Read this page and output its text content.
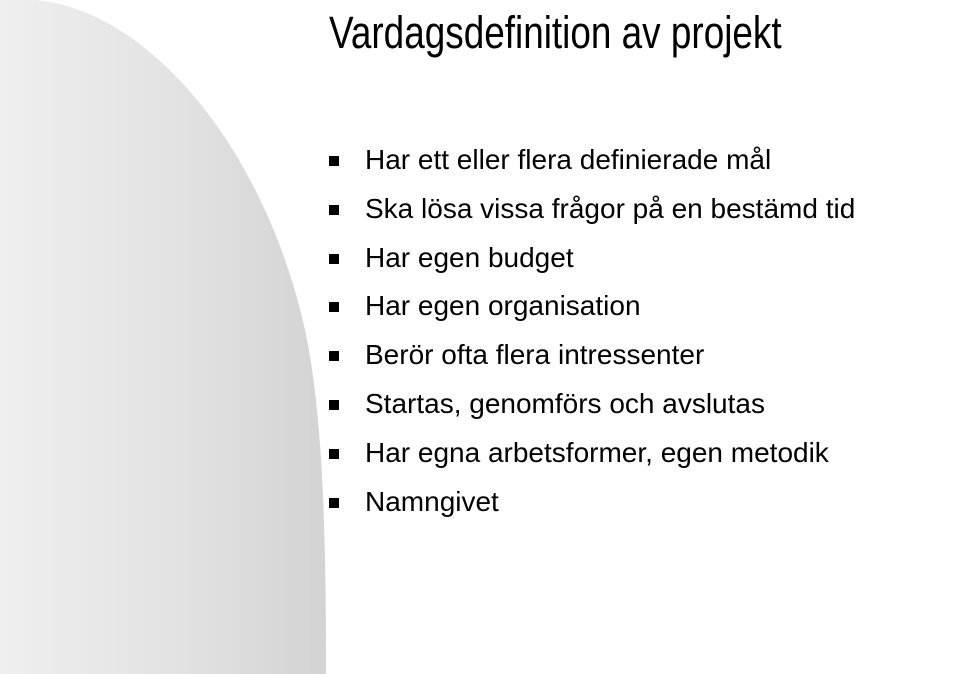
Vardagsdefinition av projekt
Har ett eller flera definierade mål
Ska lösa vissa frågor på en bestämd tid
Har egen budget
Har egen organisation
Berör ofta flera intressenter
Startas, genomförs och avslutas
Har egna arbetsformer, egen metodik
Namngivet
